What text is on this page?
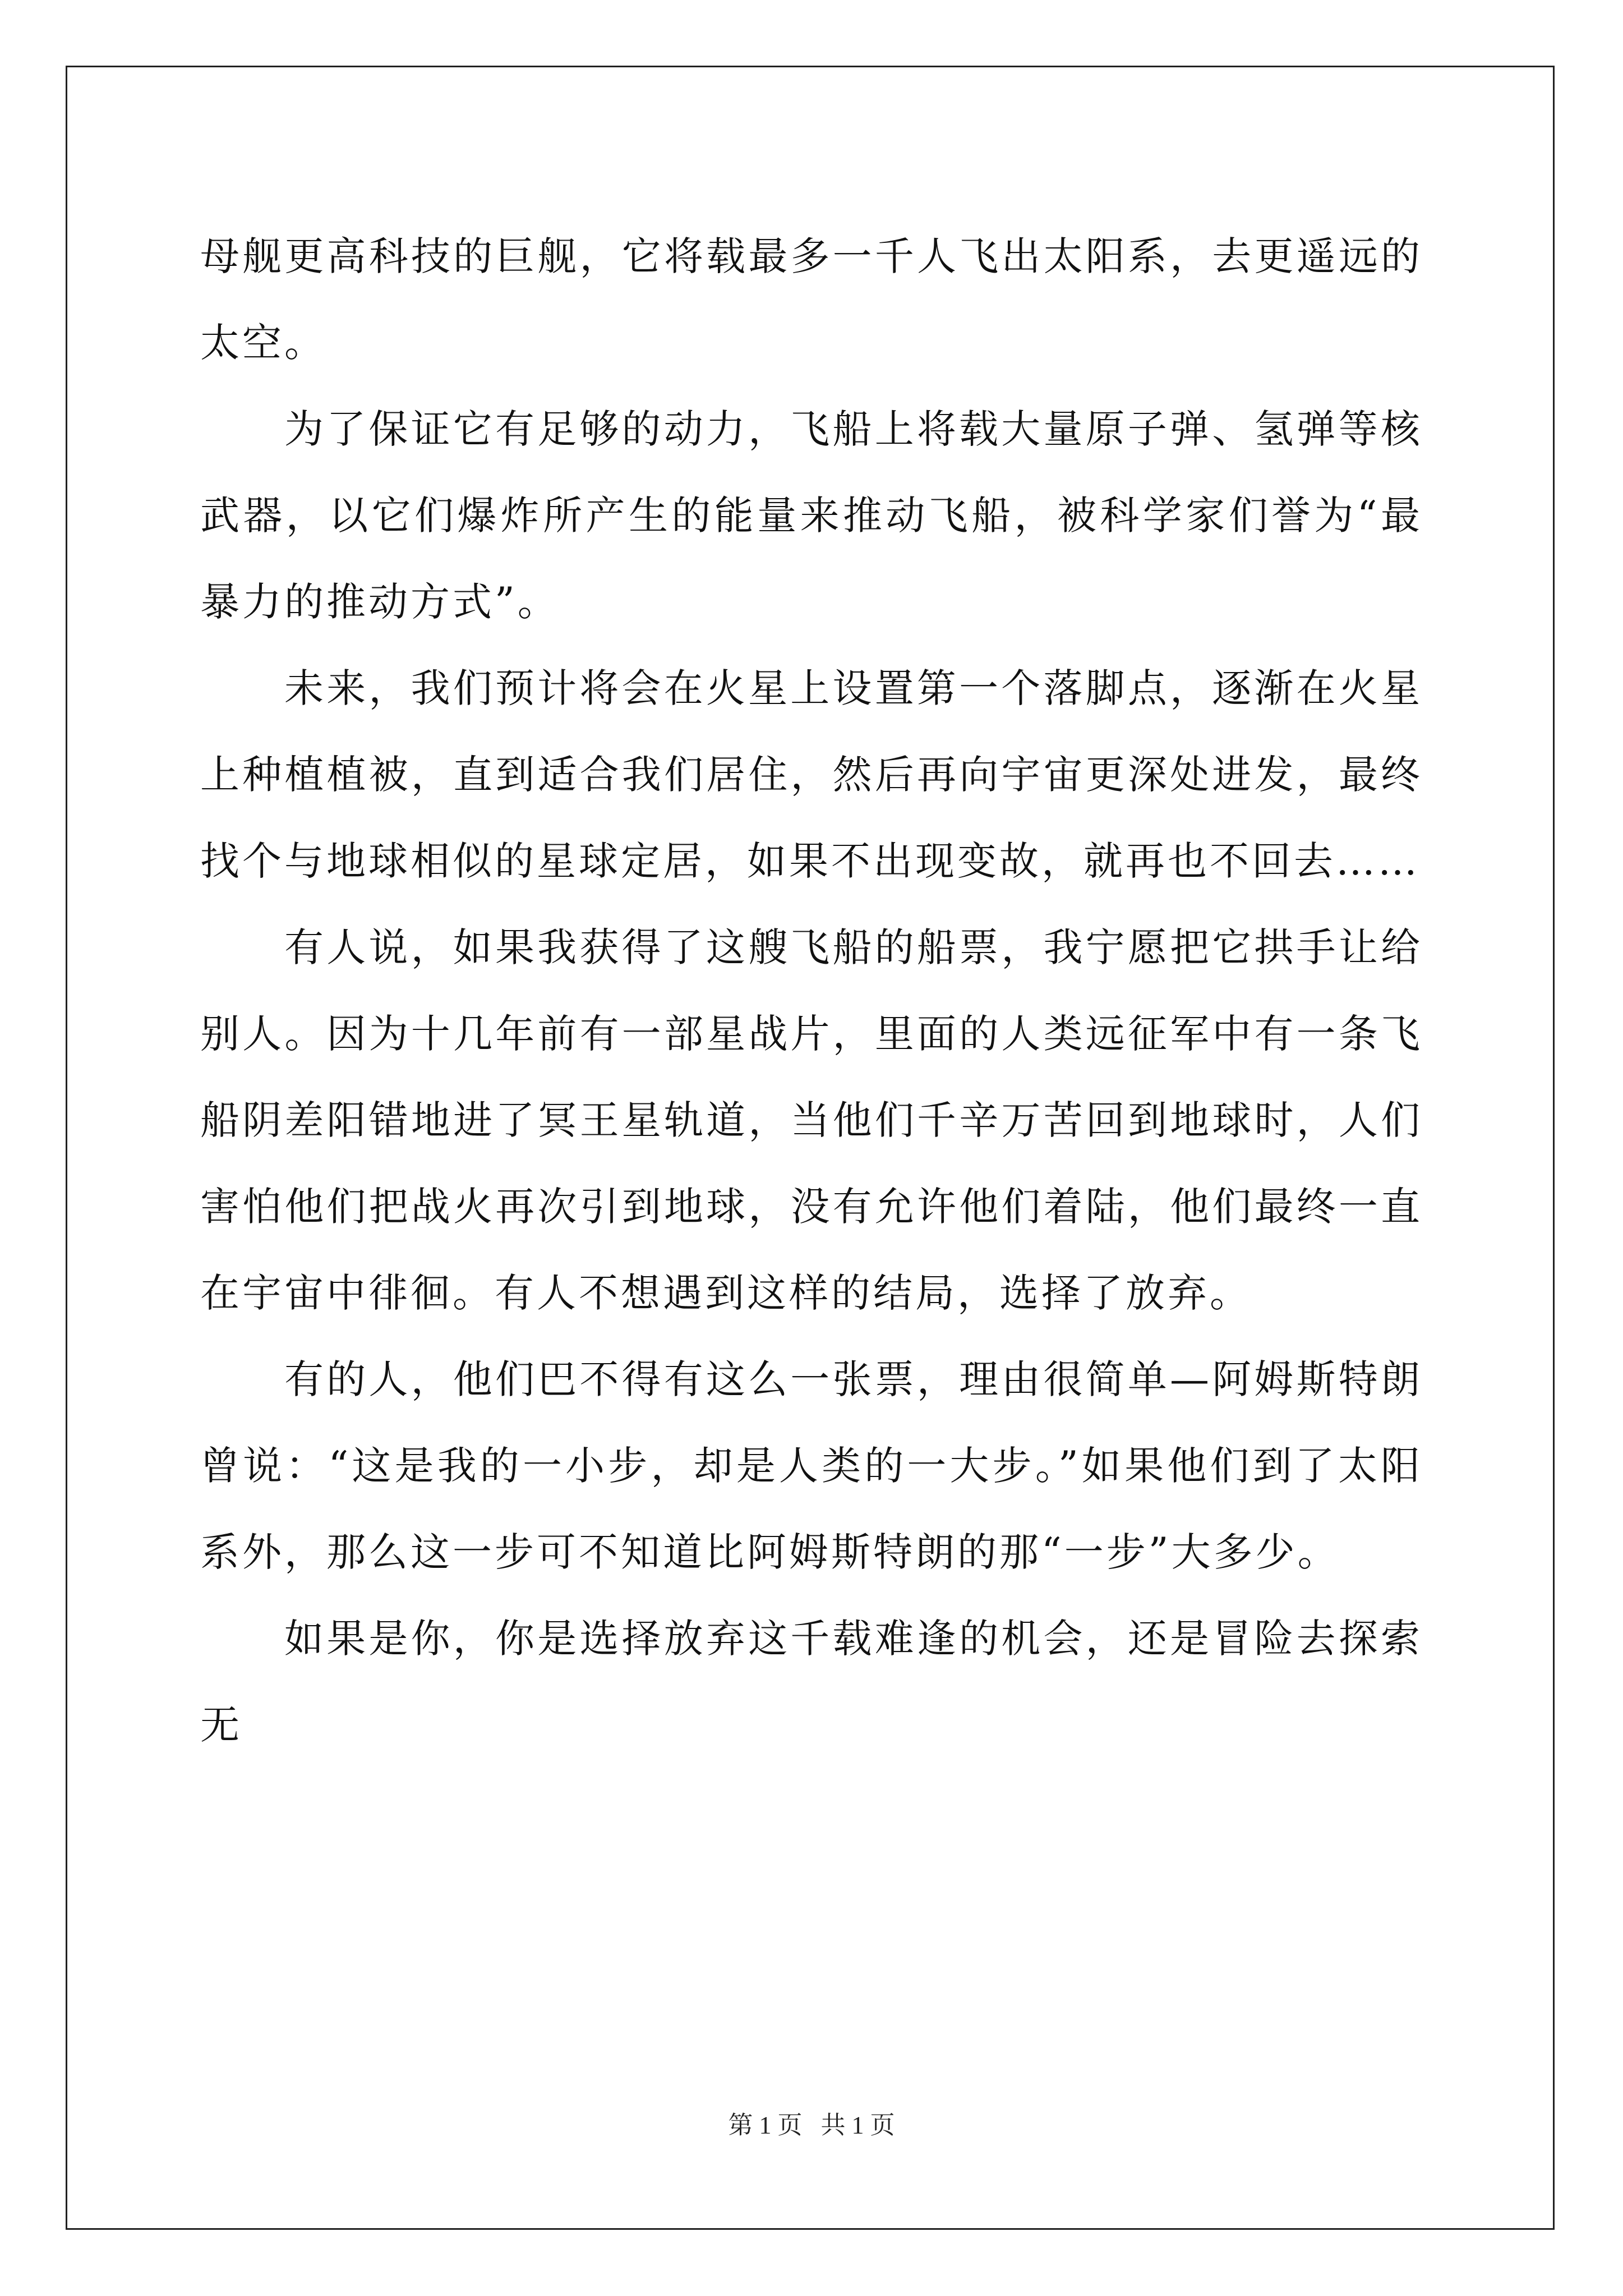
母舰更高科技的巨舰，它将载最多一千人飞出太阳系，去更遥远的太空。

为了保证它有足够的动力，飞船上将载大量原子弹、氢弹等核武器，以它们爆炸所产生的能量来推动飞船，被科学家们誉为“最暴力的推动方式”。

未来，我们预计将会在火星上设置第一个落脚点，逐渐在火星上种植植被，直到适合我们居住，然后再向宇宙更深处进发，最终找个与地球相似的星球定居，如果不出现变故，就再也不回去……

有人说，如果我获得了这艘飞船的船票，我宁愿把它拱手让给别人。因为十几年前有一部星战片，里面的人类远征军中有一条飞船阴差阳错地进了冥王星轨道，当他们千辛万苦回到地球时，人们害怕他们把战火再次引到地球，没有允许他们着陆，他们最终一直在宇宙中徘徊。有人不想遇到这样的结局，选择了放弃。

有的人，他们巴不得有这么一张票，理由很简单—阿姆斯特朗曾说：“这是我的一小步，却是人类的一大步。”如果他们到了太阳系外，那么这一步可不知道比阿姆斯特朗的那“一步”大多少。

如果是你，你是选择放弃这千载难逢的机会，还是冒险去探索无

第 1 页   共 1 页
